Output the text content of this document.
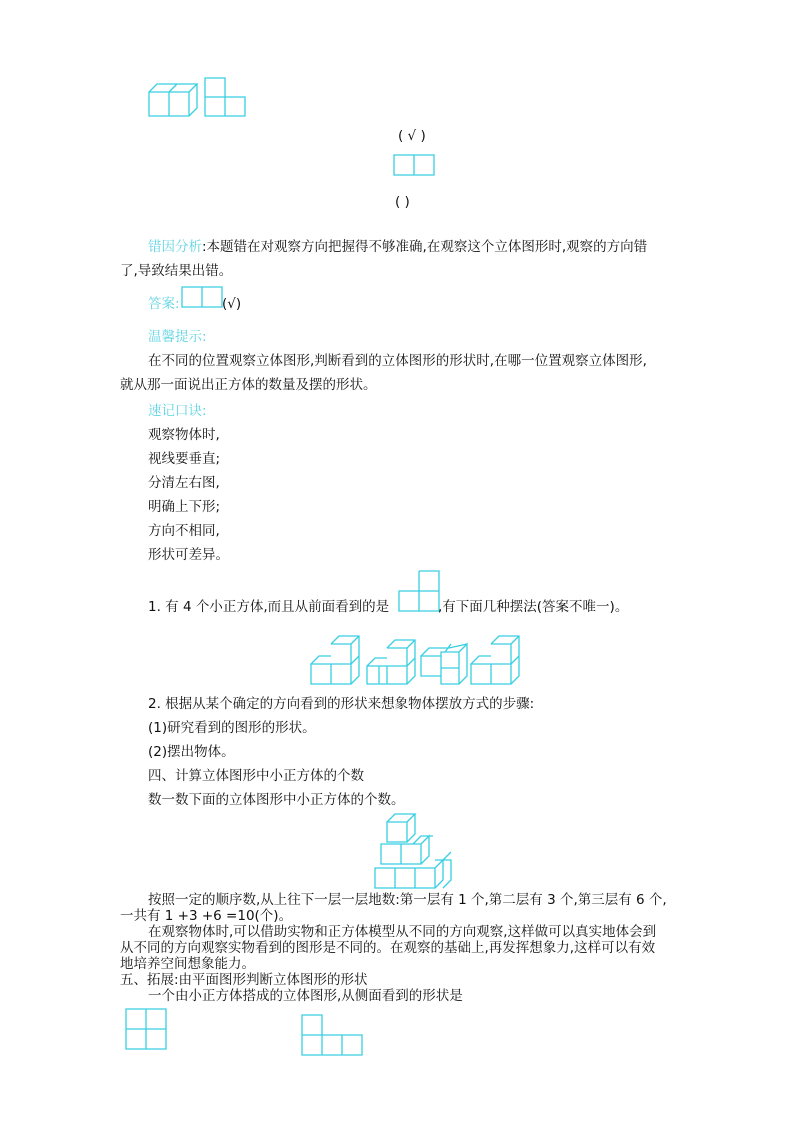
( √ )
( )
错因分析:本题错在对观察方向把握得不够准确,在观察这个立体图形时,观察的方向错
了,导致结果出错。
答案:	(√)
温馨提示:
在不同的位置观察立体图形,判断看到的立体图形的形状时,在哪一位置观察立体图形,
就从那一面说出正方体的数量及摆的形状。
速记口诀:
观察物体时,
视线要垂直;
分清左右图,
明确上下形;
方向不相同,
形状可差异。
1. 有 4 个小正方体,而且从前面看到的是	,有下面几种摆法(答案不唯一)。
2. 根据从某个确定的方向看到的形状来想象物体摆放方式的步骤:
(1)研究看到的图形的形状。
(2)摆出物体。
四、计算立体图形中小正方体的个数
数一数下面的立体图形中小正方体的个数。
按照一定的顺序数,从上往下一层一层地数:第一层有 1 个,第二层有 3 个,第三层有 6 个,
一共有 1 +3 +6 =10(个)。
在观察物体时,可以借助实物和正方体模型从不同的方向观察,这样做可以真实地体会到
从不同的方向观察实物看到的图形是不同的。在观察的基础上,再发挥想象力,这样可以有效
地培养空间想象能力。
五、拓展:由平面图形判断立体图形的形状
一个由小正方体搭成的立体图形,从侧面看到的形状是
